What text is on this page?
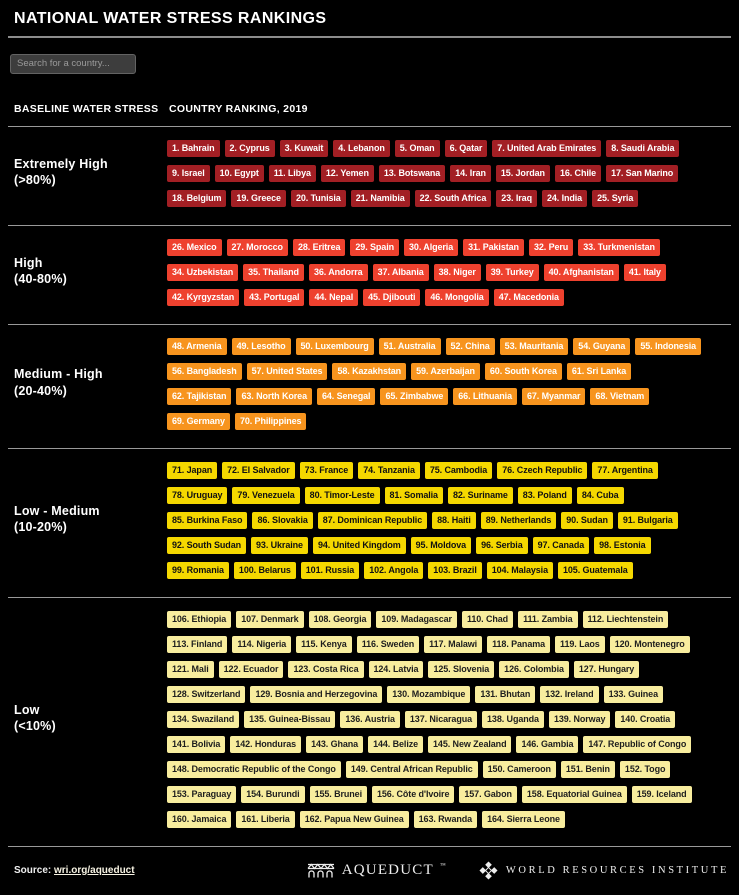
NATIONAL WATER STRESS RANKINGS
Search for a country...
BASELINE WATER STRESS	COUNTRY RANKING, 2019
Extremely High
(>80%)
1. Bahrain	2. Cyprus	3. Kuwait	4. Lebanon	5. Oman	6. Qatar	7. United Arab Emirates	8. Saudi Arabia
9. Israel	10. Egypt	11. Libya	12. Yemen	13. Botswana	14. Iran	15. Jordan	16. Chile	17. San Marino
18. Belgium	19. Greece	20. Tunisia	21. Namibia	22. South Africa	23. Iraq	24. India	25. Syria
High
(40-80%)
26. Mexico	27. Morocco	28. Eritrea	29. Spain	30. Algeria	31. Pakistan	32. Peru	33. Turkmenistan
34. Uzbekistan	35. Thailand	36. Andorra	37. Albania	38. Niger	39. Turkey	40. Afghanistan	41. Italy
42. Kyrgyzstan	43. Portugal	44. Nepal	45. Djibouti	46. Mongolia	47. Macedonia
Medium - High
(20-40%)
48. Armenia	49. Lesotho	50. Luxembourg	51. Australia	52. China	53. Mauritania	54. Guyana	55. Indonesia
56. Bangladesh	57. United States	58. Kazakhstan	59. Azerbaijan	60. South Korea	61. Sri Lanka
62. Tajikistan	63. North Korea	64. Senegal	65. Zimbabwe	66. Lithuania	67. Myanmar	68. Vietnam
69. Germany	70. Philippines
Low - Medium
(10-20%)
71. Japan	72. El Salvador	73. France	74. Tanzania	75. Cambodia	76. Czech Republic	77. Argentina
78. Uruguay	79. Venezuela	80. Timor-Leste	81. Somalia	82. Suriname	83. Poland	84. Cuba
85. Burkina Faso	86. Slovakia	87. Dominican Republic	88. Haiti	89. Netherlands	90. Sudan	91. Bulgaria
92. South Sudan	93. Ukraine	94. United Kingdom	95. Moldova	96. Serbia	97. Canada	98. Estonia
99. Romania	100. Belarus	101. Russia	102. Angola	103. Brazil	104. Malaysia	105. Guatemala
Low
(<10%)
106. Ethiopia	107. Denmark	108. Georgia	109. Madagascar	110. Chad	111. Zambia	112. Liechtenstein
113. Finland	114. Nigeria	115. Kenya	116. Sweden	117. Malawi	118. Panama	119. Laos	120. Montenegro
121. Mali	122. Ecuador	123. Costa Rica	124. Latvia	125. Slovenia	126. Colombia	127. Hungary
128. Switzerland	129. Bosnia and Herzegovina	130. Mozambique	131. Bhutan	132. Ireland	133. Guinea
134. Swaziland	135. Guinea-Bissau	136. Austria	137. Nicaragua	138. Uganda	139. Norway	140. Croatia
141. Bolivia	142. Honduras	143. Ghana	144. Belize	145. New Zealand	146. Gambia	147. Republic of Congo
148. Democratic Republic of the Congo	149. Central African Republic	150. Cameroon	151. Benin	152. Togo
153. Paraguay	154. Burundi	155. Brunei	156. Côte d'Ivoire	157. Gabon	158. Equatorial Guinea	159. Iceland
160. Jamaica	161. Liberia	162. Papua New Guinea	163. Rwanda	164. Sierra Leone
Source: wri.org/aqueduct	AQUEDUCT ™	WORLD RESOURCES INSTITUTE
